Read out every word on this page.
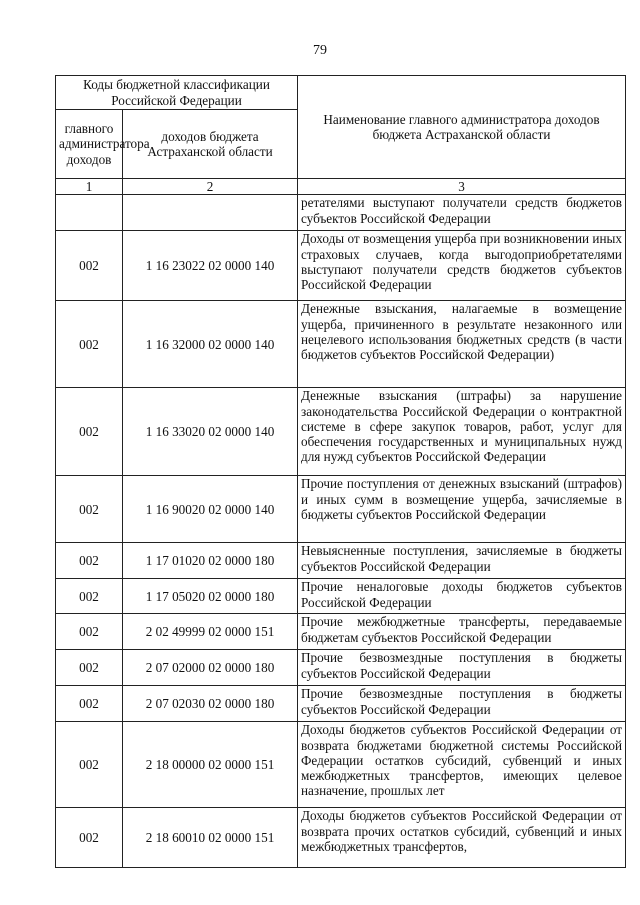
79
Коды бюджетной классификации Российской Федерации		Наименование главного администратора доходов бюджета Астраханской области
главного администратора доходов	доходов бюджета Астраханской области	
1	2	3
		ретателями выступают получатели средств бюджетов субъектов Российской Федерации
002	1 16 23022 02 0000 140	Доходы от возмещения ущерба при возникновении иных страховых случаев, когда выгодоприобретателями выступают получатели средств бюджетов субъектов Российской Федерации
002	1 16 32000 02 0000 140	Денежные взыскания, налагаемые в возмещение ущерба, причиненного в результате незаконного или нецелевого использования бюджетных средств (в части бюджетов субъектов Российской Федерации)
002	1 16 33020 02 0000 140	Денежные взыскания (штрафы) за нарушение законодательства Российской Федерации о контрактной системе в сфере закупок товаров, работ, услуг для обеспечения государственных и муниципальных нужд для нужд субъектов Российской Федерации
002	1 16 90020 02 0000 140	Прочие поступления от денежных взысканий (штрафов) и иных сумм в возмещение ущерба, зачисляемые в бюджеты субъектов Российской Федерации
002	1 17 01020 02 0000 180	Невыясненные поступления, зачисляемые в бюджеты субъектов Российской Федерации
002	1 17 05020 02 0000 180	Прочие неналоговые доходы бюджетов субъектов Российской Федерации
002	2 02 49999 02 0000 151	Прочие межбюджетные трансферты, передаваемые бюджетам субъектов Российской Федерации
002	2 07 02000 02 0000 180	Прочие безвозмездные поступления в бюджеты субъектов Российской Федерации
002	2 07 02030 02 0000 180	Прочие безвозмездные поступления в бюджеты субъектов Российской Федерации
002	2 18 00000 02 0000 151	Доходы бюджетов субъектов Российской Федерации от возврата бюджетами бюджетной системы Российской Федерации остатков субсидий, субвенций и иных межбюджетных трансфертов, имеющих целевое назначение, прошлых лет
002	2 18 60010 02 0000 151	Доходы бюджетов субъектов Российской Федерации от возврата прочих остатков субсидий, субвенций и иных межбюджетных трансфертов,
